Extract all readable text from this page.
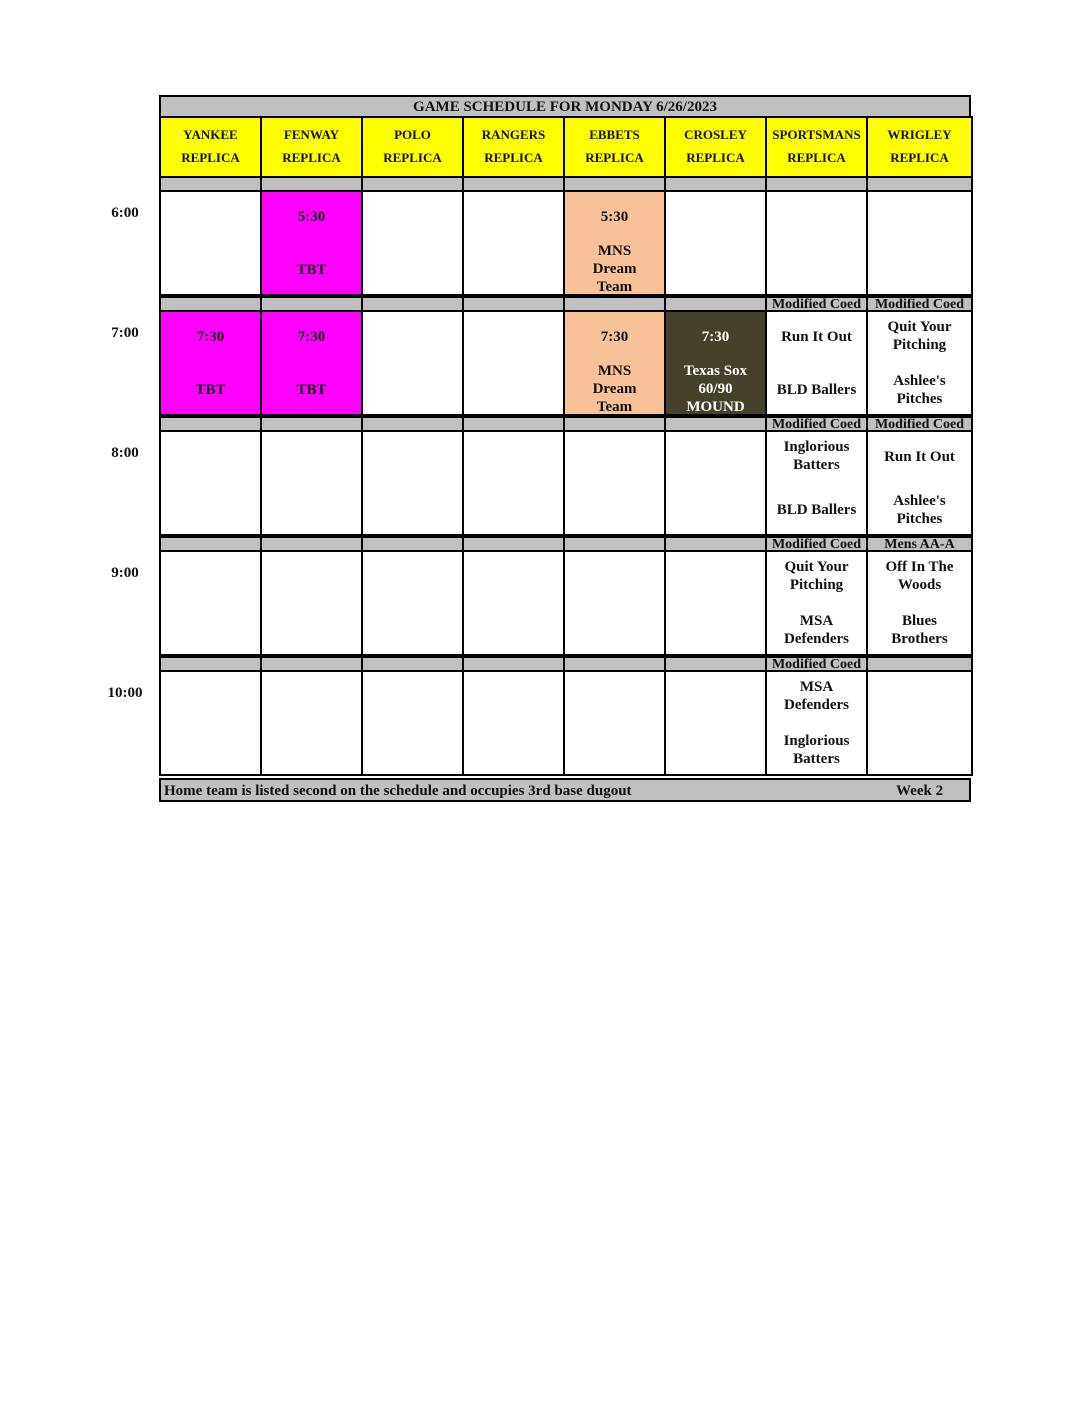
GAME SCHEDULE FOR MONDAY 6/26/2023
Home team is listed second on the schedule and occupies 3rd base dugout	Week 2
YANKEE
REPLICA
FENWAY
REPLICA
POLO
REPLICA
RANGERS
REPLICA
EBBETS
REPLICA
CROSLEY
REPLICA
SPORTSMANS
REPLICA
WRIGLEY
REPLICA
5:30
TBT
5:30
MNS Dream Team
Modified Coed Modified Coed
7:30
TBT
7:30
TBT
7:30
MNS Dream Team
7:30
Texas Sox 60/90 MOUND
Run It Out
BLD Ballers
Quit Your Pitching
Ashlee's Pitches
Modified Coed Modified Coed
Inglorious Batters
BLD Ballers
Run It Out
Ashlee's Pitches
Modified Coed	Mens AA-A
Quit Your Pitching
MSA Defenders
Off In The Woods
Blues Brothers
Modified Coed
MSA Defenders
Inglorious Batters
6:00
7:00
8:00
9:00
10:00
